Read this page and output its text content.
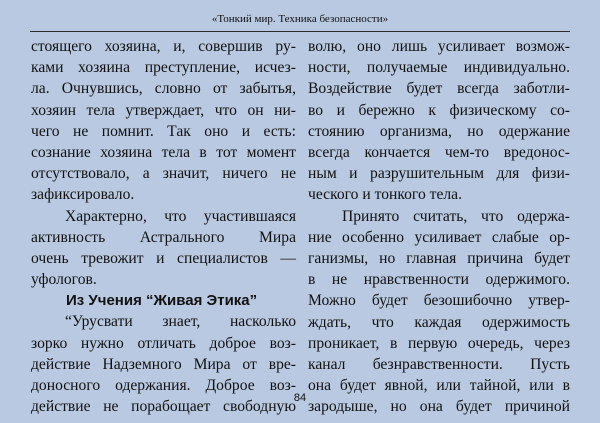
«Тонкий мир. Техника безопасности»
стоящего хозяина, и, совершив ру-
ками хозяина преступление, исчез-
ла. Очнувшись, словно от забытья,
хозяин тела утверждает, что он ни-
чего не помнит. Так оно и есть:
сознание хозяина тела в тот момент
отсутствовало, а значит, ничего не
зафиксировало.
Характерно, что участившаяся
активность Астрального Мира
очень тревожит и специалистов —
уфологов.
Из Учения “Живая Этика”
“Урусвати знает, насколько
зорко нужно отличать доброе воз-
действие Надземного Мира от вре-
доносного одержания. Доброе воз-
действие не порабощает свободную
волю, оно лишь усиливает возмож-
ности, получаемые индивидуально.
Воздействие будет всегда заботли-
во и бережно к физическому со-
стоянию организма, но одержание
всегда кончается чем-то вредонос-
ным и разрушительным для физи-
ческого и тонкого тела.
Принято считать, что одержа-
ние особенно усиливает слабые ор-
ганизмы, но главная причина будет
в не нравственности одержимого.
Можно будет безошибочно утвер-
ждать, что каждая одержимость
проникает, в первую очередь, через
канал безнравственности. Пусть
она будет явной, или тайной, или в
зародыше, но она будет причиной
84
